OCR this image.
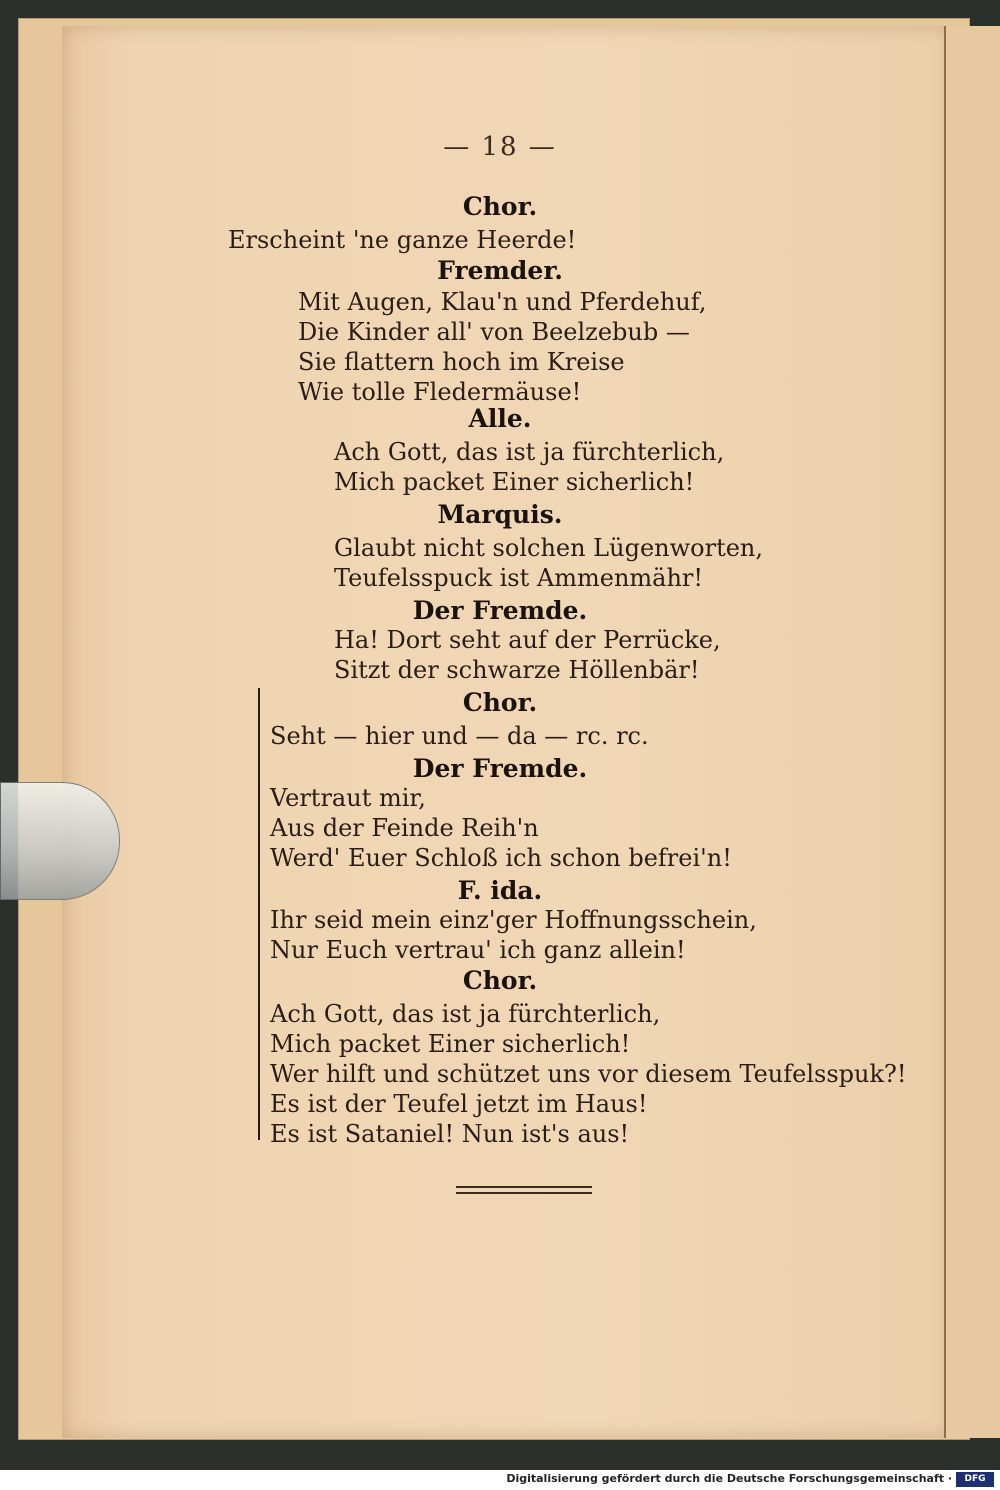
— 18 —
Chor.
Erscheint 'ne ganze Heerde!
Fremder.
Mit Augen, Klau'n und Pferdehuf,
Die Kinder all' von Beelzebub —
Sie flattern hoch im Kreise
Wie tolle Fledermäuse!
Alle.
Ach Gott, das ist ja fürchterlich,
Mich packet Einer sicherlich!
Marquis.
Glaubt nicht solchen Lügenworten,
Teufelsspuck ist Ammenmähr!
Der Fremde.
Ha! Dort seht auf der Perrücke,
Sitzt der schwarze Höllenbär!
Chor.
Seht — hier und — da — rc. rc.
Der Fremde.
Vertraut mir,
Aus der Feinde Reih'n
Werd' Euer Schloß ich schon befrei'n!
F. ida.
Ihr seid mein einz'ger Hoffnungsschein,
Nur Euch vertrau' ich ganz allein!
Chor.
Ach Gott, das ist ja fürchterlich,
Mich packet Einer sicherlich!
Wer hilft und schützet uns vor diesem Teufelsspuk?!
Es ist der Teufel jetzt im Haus!
Es ist Sataniel! Nun ist's aus!
Digitalisierung gefördert durch die Deutsche Forschungsgemeinschaft ·	DFG
